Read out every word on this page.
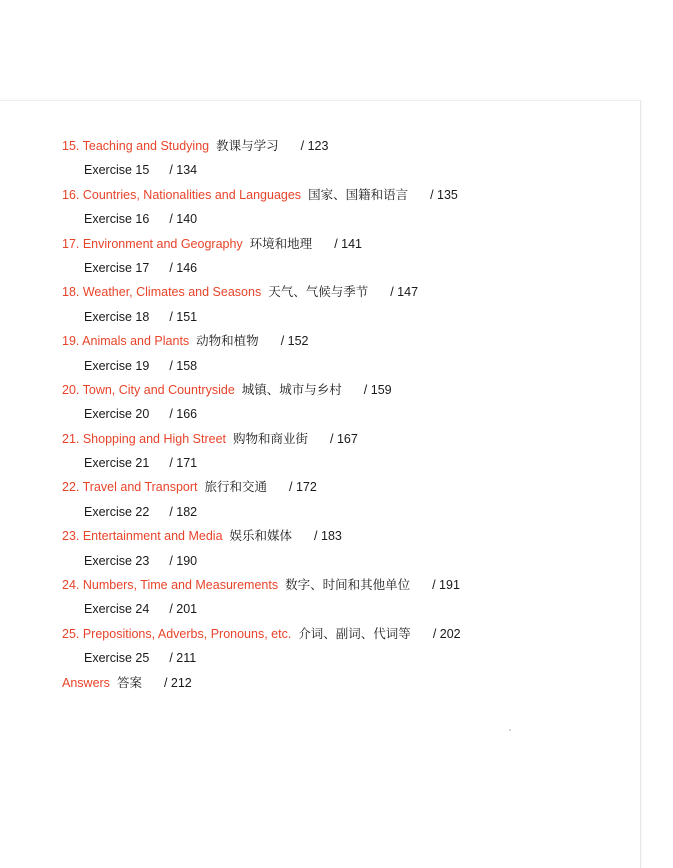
15. Teaching and Studying 教课与学习 / 123
Exercise 15 / 134
16. Countries, Nationalities and Languages 国家、国籍和语言 / 135
Exercise 16 / 140
17. Environment and Geography 环境和地理 / 141
Exercise 17 / 146
18. Weather, Climates and Seasons 天气、气候与季节 / 147
Exercise 18 / 151
19. Animals and Plants 动物和植物 / 152
Exercise 19 / 158
20. Town, City and Countryside 城镇、城市与乡村 / 159
Exercise 20 / 166
21. Shopping and High Street 购物和商业街 / 167
Exercise 21 / 171
22. Travel and Transport 旅行和交通 / 172
Exercise 22 / 182
23. Entertainment and Media 娱乐和媒体 / 183
Exercise 23 / 190
24. Numbers, Time and Measurements 数字、时间和其他单位 / 191
Exercise 24 / 201
25. Prepositions, Adverbs, Pronouns, etc. 介词、副词、代词等 / 202
Exercise 25 / 211
Answers 答案 / 212
